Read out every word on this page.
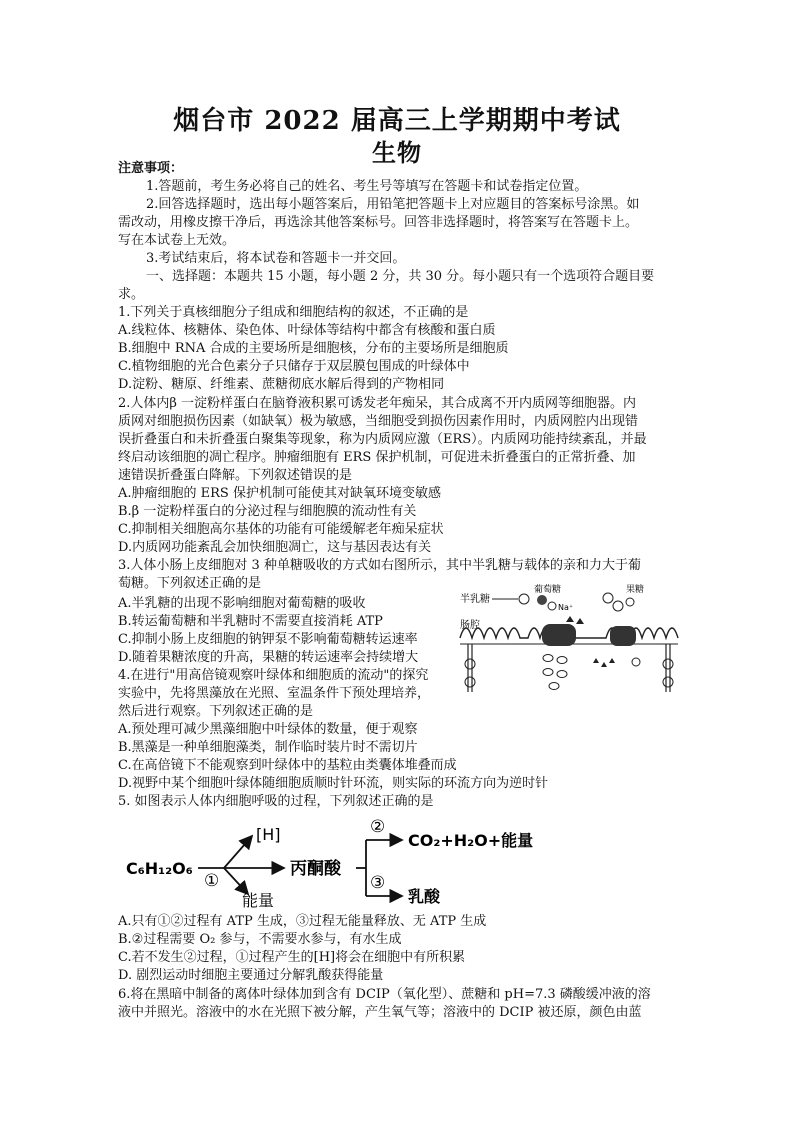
烟台市 2022 届高三上学期期中考试
生物
注意事项：
1.答题前，考生务必将自己的姓名、考生号等填写在答题卡和试卷指定位置。
2.回答选择题时，选出每小题答案后，用铅笔把答题卡上对应题目的答案标号涂黑。如
需改动，用橡皮擦干净后，再选涂其他答案标号。回答非选择题时，将答案写在答题卡上。
写在本试卷上无效。
3.考试结束后，将本试卷和答题卡一并交回。
一、选择题：本题共 15 小题，每小题 2 分，共 30 分。每小题只有一个选项符合题目要
求。
1.下列关于真核细胞分子组成和细胞结构的叙述，不正确的是
A.线粒体、核糖体、染色体、叶绿体等结构中都含有核酸和蛋白质
B.细胞中 RNA 合成的主要场所是细胞核，分布的主要场所是细胞质
C.植物细胞的光合色素分子只储存于双层膜包围成的叶绿体中
D.淀粉、糖原、纤维素、蔗糖彻底水解后得到的产物相同
2.人体内β 一淀粉样蛋白在脑脊液积累可诱发老年痴呆，其合成离不开内质网等细胞器。内
质网对细胞损伤因素（如缺氧）极为敏感，当细胞受到损伤因素作用时，内质网腔内出现错
误折叠蛋白和未折叠蛋白聚集等现象，称为内质网应激（ERS）。内质网功能持续紊乱，并最
终启动该细胞的凋亡程序。肿瘤细胞有 ERS 保护机制，可促进未折叠蛋白的正常折叠、加
速错误折叠蛋白降解。下列叙述错误的是
A.肿瘤细胞的 ERS 保护机制可能使其对缺氧环境变敏感
B.β 一淀粉样蛋白的分泌过程与细胞膜的流动性有关
C.抑制相关细胞高尔基体的功能有可能缓解老年痴呆症状
D.内质网功能紊乱会加快细胞凋亡，这与基因表达有关
3.人体小肠上皮细胞对 3 种单糖吸收的方式如右图所示，其中半乳糖与载体的亲和力大于葡
萄糖。下列叙述正确的是
A.半乳糖的出现不影响细胞对葡萄糖的吸收
B.转运葡萄糖和半乳糖时不需要直接消耗 ATP
C.抑制小肠上皮细胞的钠钾泵不影响葡萄糖转运速率
D.随着果糖浓度的升高，果糖的转运速率会持续增大
半乳糖
葡萄糖	果糖
肠腔
Na⁺
4.在进行"用高倍镜观察叶绿体和细胞质的流动"的探究
实验中，先将黑藻放在光照、室温条件下预处理培养，
然后进行观察。下列叙述正确的是
A.预处理可减少黑藻细胞中叶绿体的数量，便于观察
B.黑藻是一种单细胞藻类，制作临时装片时不需切片
C.在高倍镜下不能观察到叶绿体中的基粒由类囊体堆叠而成
D.视野中某个细胞叶绿体随细胞质顺时针环流，则实际的环流方向为逆时针
5. 如图表示人体内细胞呼吸的过程，下列叙述正确的是
C₆H₁₂O₆
[H]
能量
①
丙酮酸
②
③
CO₂+H₂O+能量
乳酸
A.只有①②过程有 ATP 生成，③过程无能量释放、无 ATP 生成
B.②过程需要 O₂ 参与，不需要水参与，有水生成
C.若不发生②过程，①过程产生的[H]将会在细胞中有所积累
D. 剧烈运动时细胞主要通过分解乳酸获得能量
6.将在黑暗中制备的离体叶绿体加到含有 DCIP（氧化型）、蔗糖和 pH=7.3 磷酸缓冲液的溶
液中并照光。溶液中的水在光照下被分解，产生氧气等；溶液中的 DCIP 被还原，颜色由蓝
